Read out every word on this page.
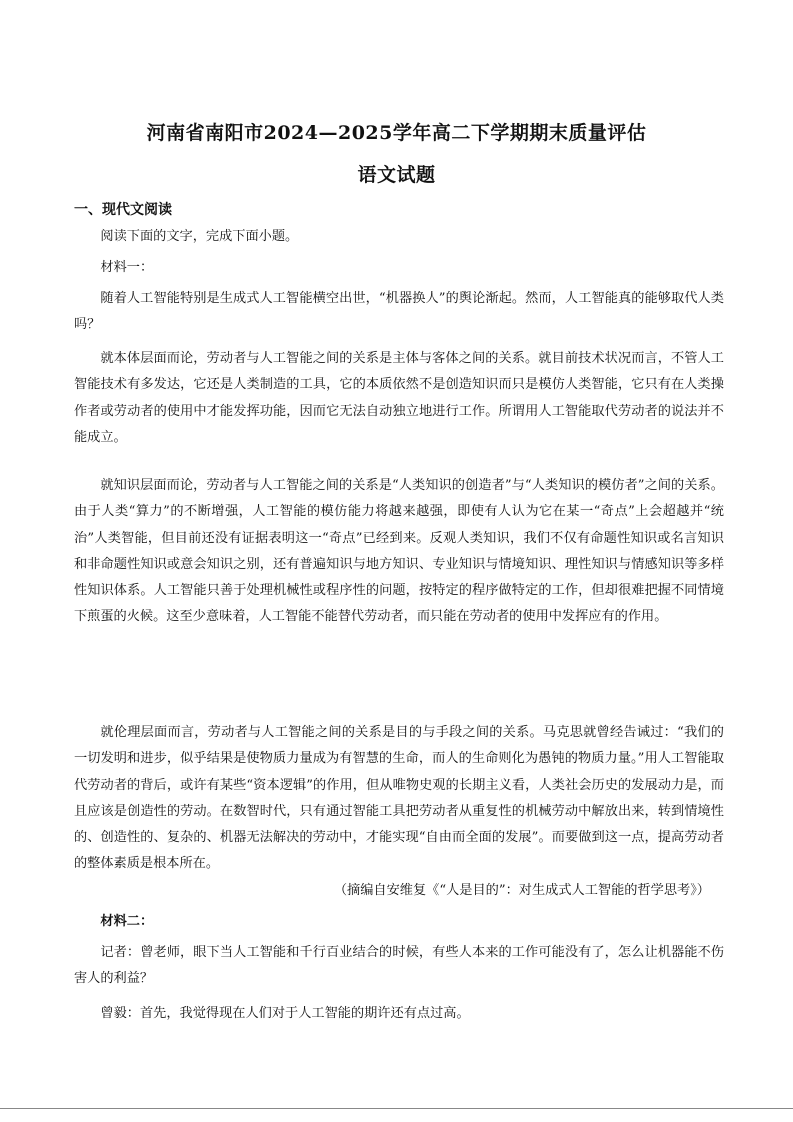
河南省南阳市2024—2025学年高二下学期期末质量评估
语文试题
一、现代文阅读
阅读下面的文字，完成下面小题。
材料一：
随着人工智能特别是生成式人工智能横空出世，“机器换人”的舆论渐起。然而，人工智能真的能够取代人类吗？
就本体层面而论，劳动者与人工智能之间的关系是主体与客体之间的关系。就目前技术状况而言，不管人工智能技术有多发达，它还是人类制造的工具，它的本质依然不是创造知识而只是模仿人类智能，它只有在人类操作者或劳动者的使用中才能发挥功能，因而它无法自动独立地进行工作。所谓用人工智能取代劳动者的说法并不能成立。
就知识层面而论，劳动者与人工智能之间的关系是“人类知识的创造者”与“人类知识的模仿者”之间的关系。由于人类“算力”的不断增强，人工智能的模仿能力将越来越强，即使有人认为它在某一“奇点”上会超越并“统治”人类智能，但目前还没有证据表明这一“奇点”已经到来。反观人类知识，我们不仅有命题性知识或名言知识和非命题性知识或意会知识之别，还有普遍知识与地方知识、专业知识与情境知识、理性知识与情感知识等多样性知识体系。人工智能只善于处理机械性或程序性的问题，按特定的程序做特定的工作，但却很难把握不同情境下煎蛋的火候。这至少意味着，人工智能不能替代劳动者，而只能在劳动者的使用中发挥应有的作用。
就伦理层面而言，劳动者与人工智能之间的关系是目的与手段之间的关系。马克思就曾经告诫过：“我们的一切发明和进步，似乎结果是使物质力量成为有智慧的生命，而人的生命则化为愚钝的物质力量。”用人工智能取代劳动者的背后，或许有某些“资本逻辑”的作用，但从唯物史观的长期主义看，人类社会历史的发展动力是，而且应该是创造性的劳动。在数智时代，只有通过智能工具把劳动者从重复性的机械劳动中解放出来，转到情境性的、创造性的、复杂的、机器无法解决的劳动中，才能实现“自由而全面的发展”。而要做到这一点，提高劳动者的整体素质是根本所在。
（摘编自安维复《“人是目的”：对生成式人工智能的哲学思考》）
材料二：
记者：曾老师，眼下当人工智能和千行百业结合的时候，有些人本来的工作可能没有了，怎么让机器能不伤害人的利益？
曾毅：首先，我觉得现在人们对于人工智能的期许还有点过高。
